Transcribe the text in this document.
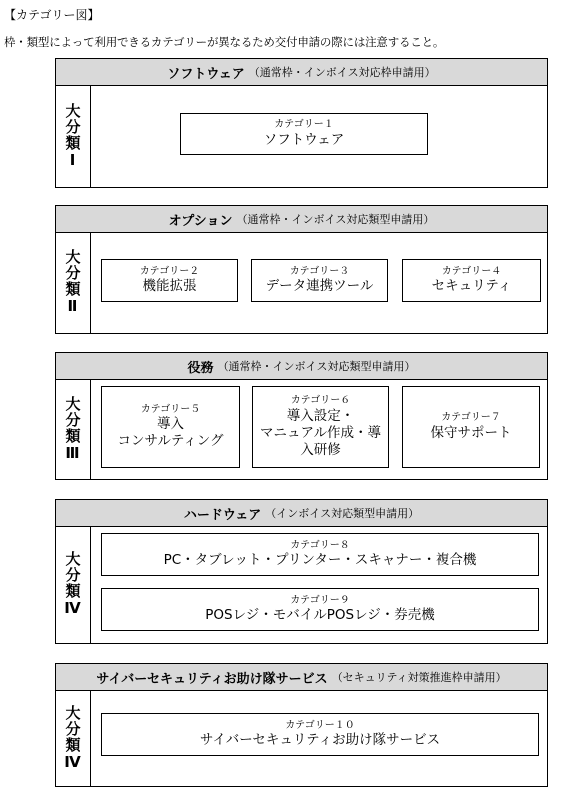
【カテゴリー図】
枠・類型によって利用できるカテゴリーが異なるため交付申請の際には注意すること。
ソフトウェア （通常枠・インボイス対応枠申請用）
大分類Ⅰ	カテゴリー１
ソフトウェア
オプション （通常枠・インボイス対応類型申請用）
大分類Ⅱ	カテゴリー２
機能拡張
カテゴリー３
データ連携ツール
カテゴリー４
セキュリティ
役務 （通常枠・インボイス対応類型申請用）
大分類Ⅲ	カテゴリー５
導入
コンサルティング
カテゴリー６
導入設定・
マニュアル作成・導
入研修
カテゴリー７
保守サポート
ハードウェア （インボイス対応類型申請用）
大分類Ⅳ
カテゴリー８
PC・タブレット・プリンター・スキャナー・複合機
カテゴリー９
POSレジ・モバイルPOSレジ・券売機
サイバーセキュリティお助け隊サービス （セキュリティ対策推進枠申請用）
大分類Ⅳ	カテゴリー１０
サイバーセキュリティお助け隊サービス
